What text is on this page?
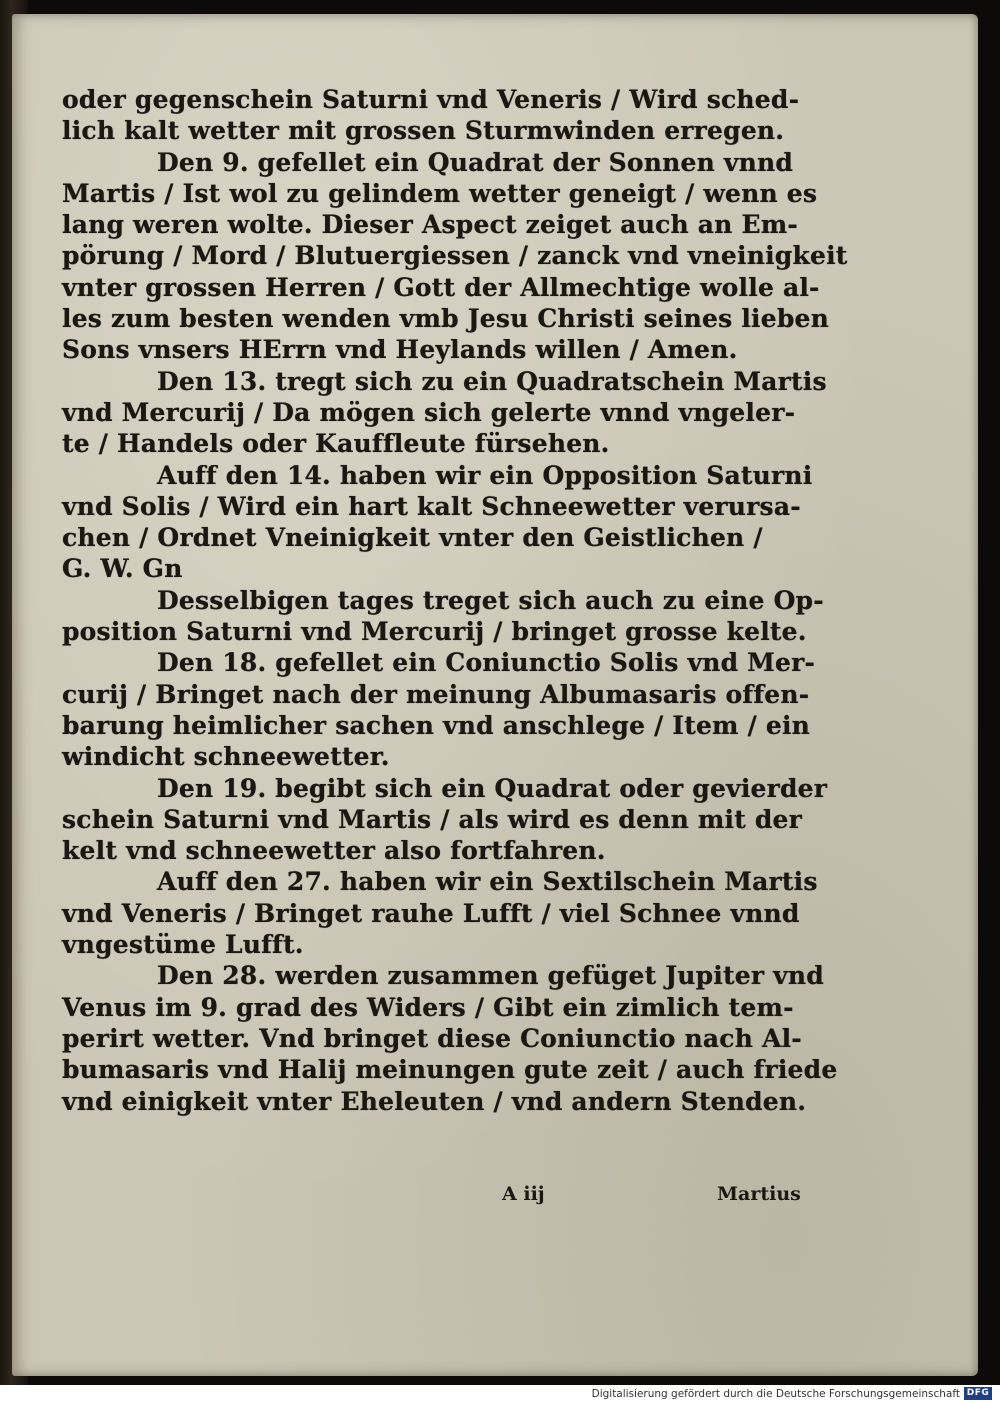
oder gegenschein Saturni vnd Veneris / Wird sched-
lich kalt wetter mit grossen Sturmwinden erregen.
Den 9. gefellet ein Quadrat der Sonnen vnnd
Martis / Ist wol zu gelindem wetter geneigt / wenn es
lang weren wolte. Dieser Aspect zeiget auch an Em-
pörung / Mord / Blutuergiessen / zanck vnd vneinigkeit
vnter grossen Herren / Gott der Allmechtige wolle al-
les zum besten wenden vmb Jesu Christi seines lieben
Sons vnsers HErrn vnd Heylands willen / Amen.
Den 13. tregt sich zu ein Quadratschein Martis
vnd Mercurij / Da mögen sich gelerte vnnd vngeler-
te / Handels oder Kauffleute fürsehen.
Auff den 14. haben wir ein Opposition Saturni
vnd Solis / Wird ein hart kalt Schneewetter verursa-
chen / Ordnet Vneinigkeit vnter den Geistlichen /
G. W. Gn
Desselbigen tages treget sich auch zu eine Op-
position Saturni vnd Mercurij / bringet grosse kelte.
Den 18. gefellet ein Coniunctio Solis vnd Mer-
curij / Bringet nach der meinung Albumasaris offen-
barung heimlicher sachen vnd anschlege / Item / ein
windicht schneewetter.
Den 19. begibt sich ein Quadrat oder gevierder
schein Saturni vnd Martis / als wird es denn mit der
kelt vnd schneewetter also fortfahren.
Auff den 27. haben wir ein Sextilschein Martis
vnd Veneris / Bringet rauhe Lufft / viel Schnee vnnd
vngestüme Lufft.
Den 28. werden zusammen gefüget Jupiter vnd
Venus im 9. grad des Widers / Gibt ein zimlich tem-
perirt wetter. Vnd bringet diese Coniunctio nach Al-
bumasaris vnd Halij meinungen gute zeit / auch friede
vnd einigkeit vnter Eheleuten / vnd andern Stenden.
A iij	Martius
Digitalisierung gefördert durch die Deutsche Forschungsgemeinschaft DFG
